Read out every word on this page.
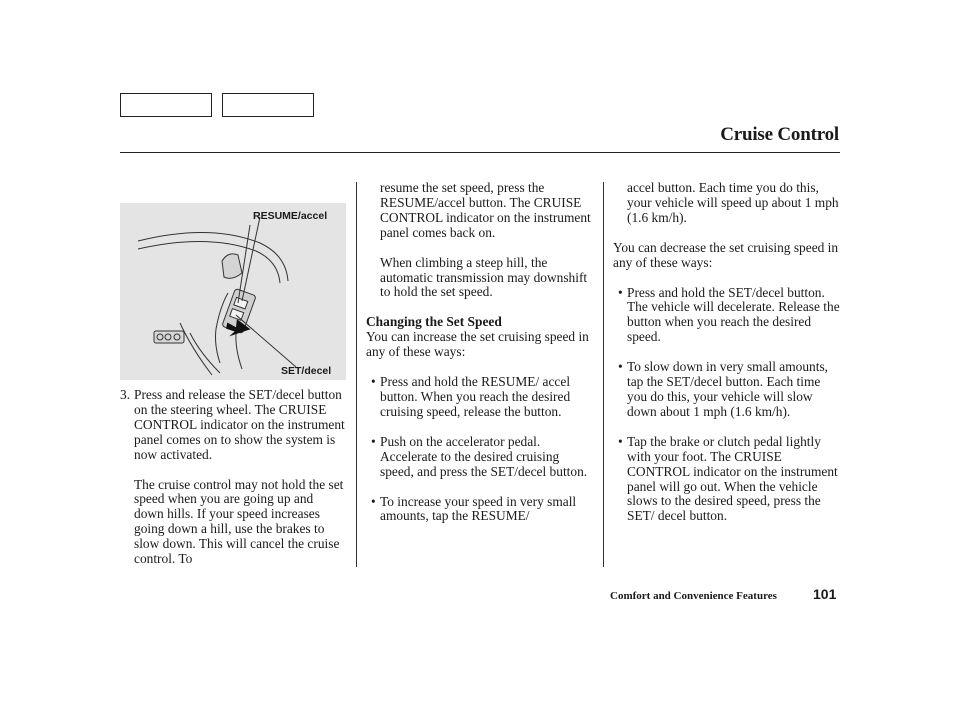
Cruise Control
RESUME/accel
SET/decel
3. Press and release the SET/decel button on the steering wheel. The CRUISE CONTROL indicator on the instrument panel comes on to show the system is now activated.

The cruise control may not hold the set speed when you are going up and down hills. If your speed increases going down a hill, use the brakes to slow down. This will cancel the cruise control. To

resume the set speed, press the RESUME/accel button. The CRUISE CONTROL indicator on the instrument panel comes back on.

When climbing a steep hill, the automatic transmission may downshift to hold the set speed.

Changing the Set Speed

You can increase the set cruising speed in any of these ways:

• Press and hold the RESUME/ accel button. When you reach the desired cruising speed, release the button.
• Push on the accelerator pedal. Accelerate to the desired cruising speed, and press the SET/decel button.
• To increase your speed in very small amounts, tap the RESUME/

accel button. Each time you do this, your vehicle will speed up about 1 mph (1.6 km/h).

You can decrease the set cruising speed in any of these ways:

• Press and hold the SET/decel button. The vehicle will decelerate. Release the button when you reach the desired speed.
• To slow down in very small amounts, tap the SET/decel button. Each time you do this, your vehicle will slow down about 1 mph (1.6 km/h).
• Tap the brake or clutch pedal lightly with your foot. The CRUISE CONTROL indicator on the instrument panel will go out. When the vehicle slows to the desired speed, press the SET/ decel button.
Comfort and Convenience Features	101
